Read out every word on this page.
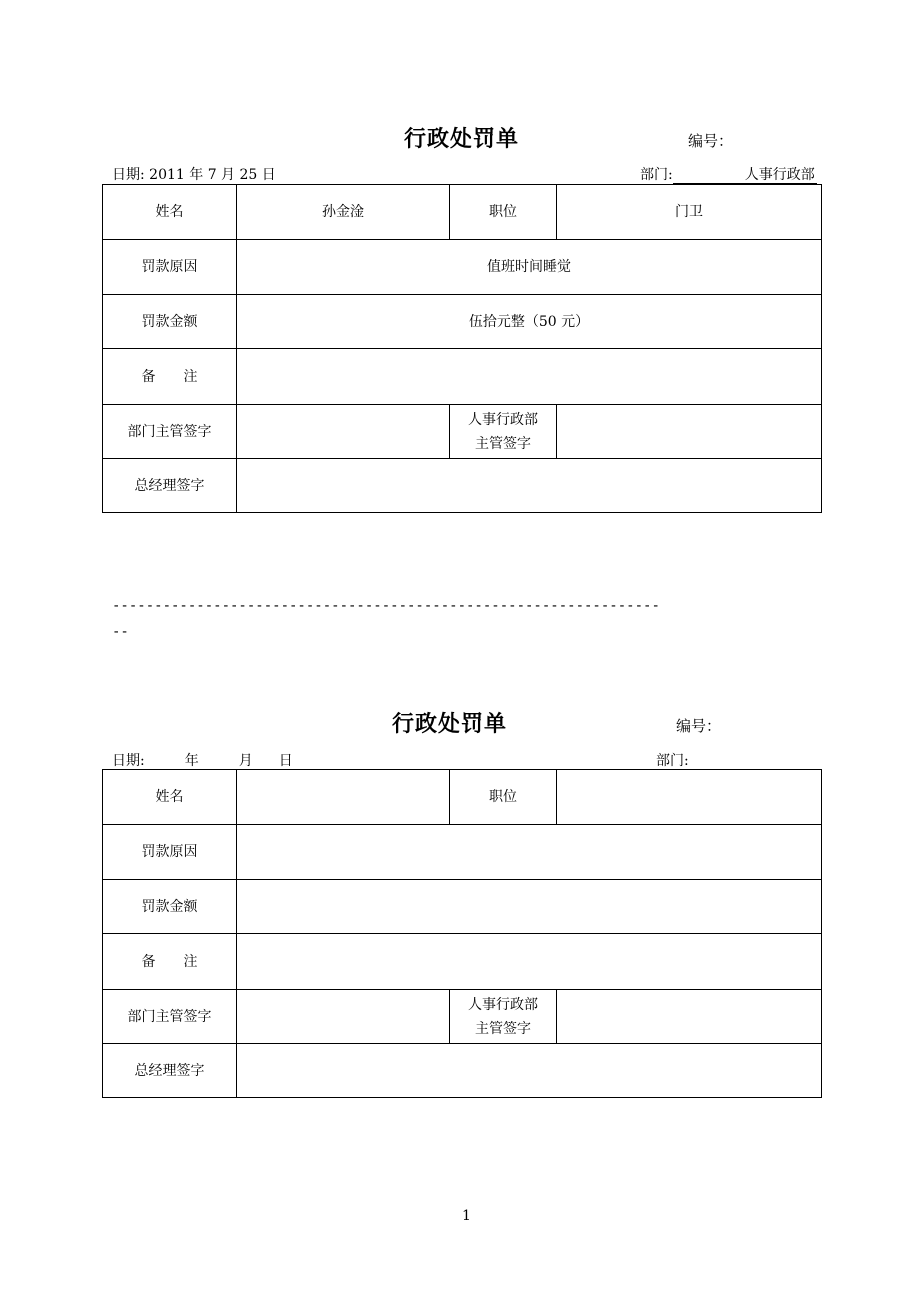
行政处罚单	编号：
日期: 2011 年 7 月 25 日	部门:	人事行政部
姓名	孙金淦	职位	门卫
罚款原因	值班时间睡觉		
罚款金额	伍拾元整（50 元）		
备　　注			
部门主管签字		人事行政部
主管签字	

总经理签字			
-----------------------------------------------------------------
--
行政处罚单	编号：
日期:	年	月 日	部门:
姓名		职位	
罚款原因			
罚款金额			
备　　注			
部门主管签字		人事行政部
主管签字	

总经理签字			
1
